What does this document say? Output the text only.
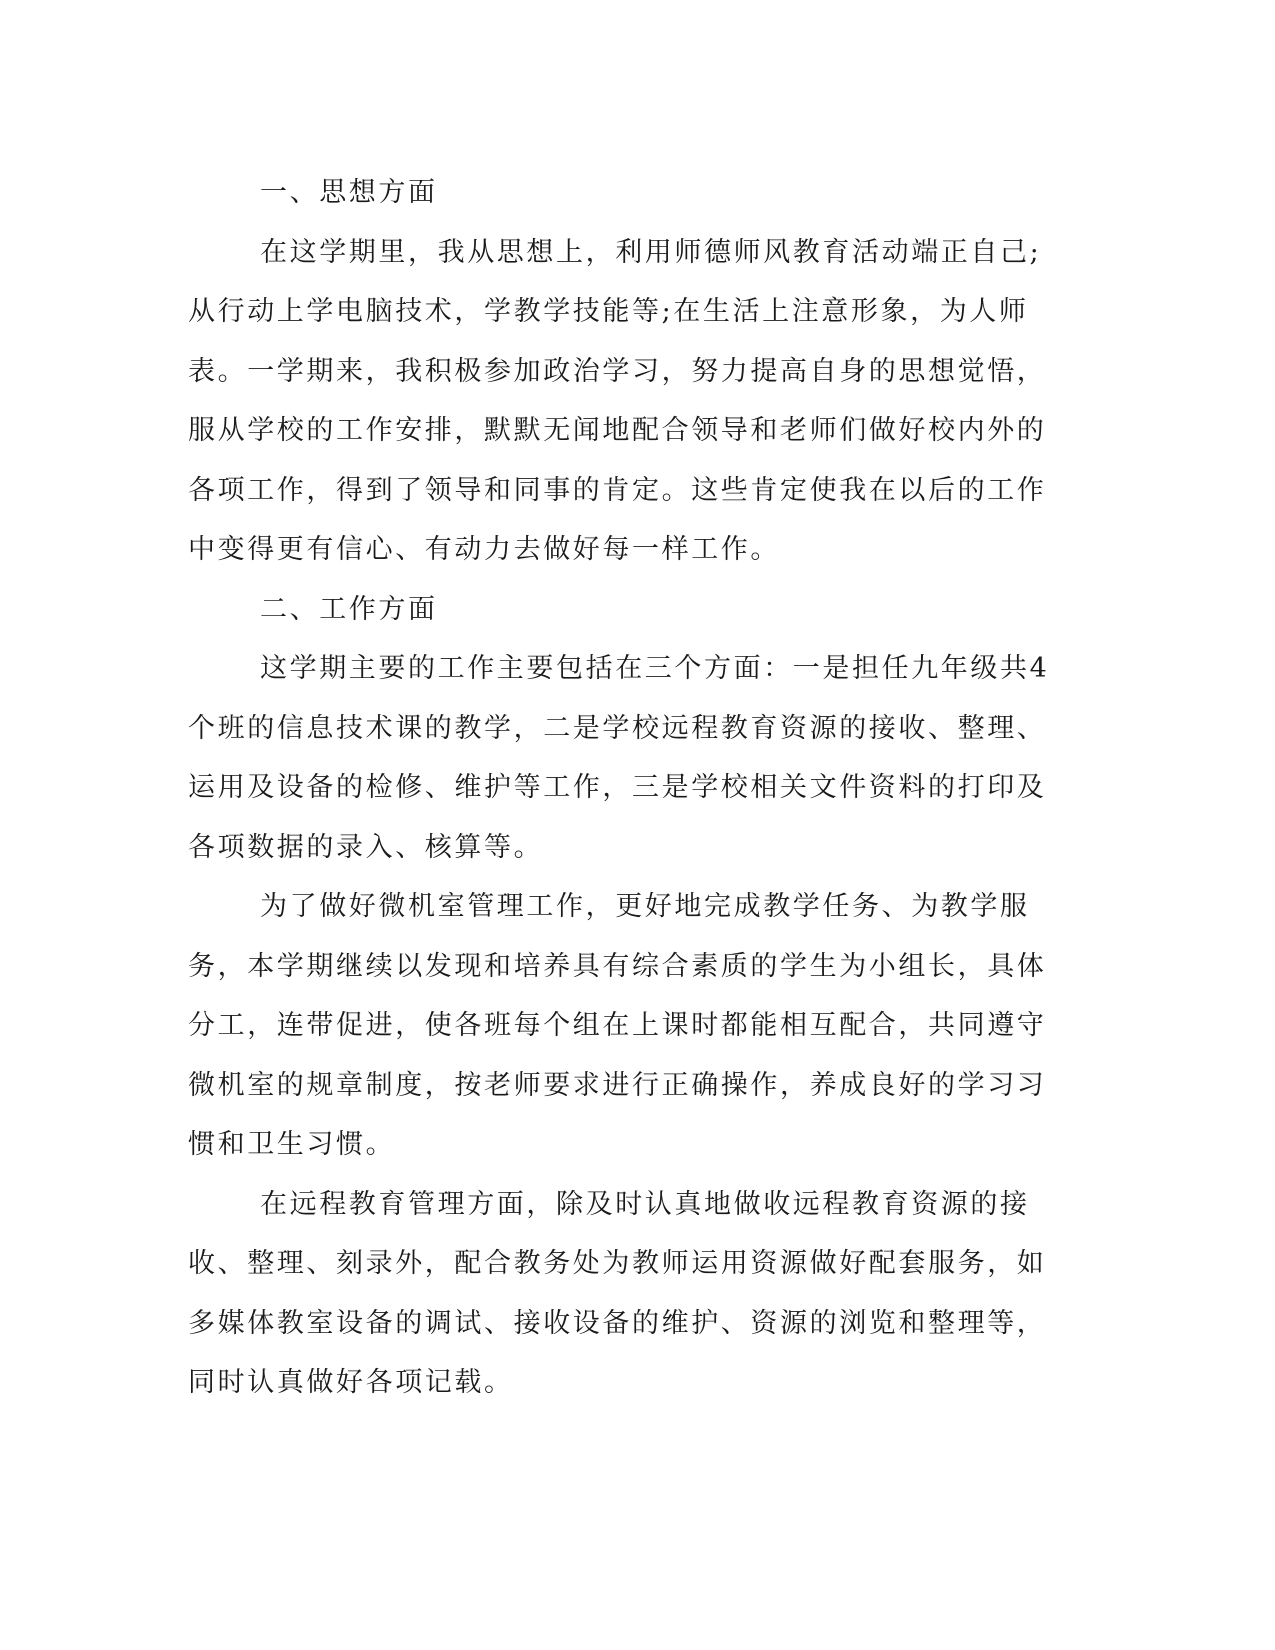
一、思想方面

在这学期里，我从思想上，利用师德师风教育活动端正自己;从行动上学电脑技术，学教学技能等;在生活上注意形象，为人师表。一学期来，我积极参加政治学习，努力提高自身的思想觉悟，服从学校的工作安排，默默无闻地配合领导和老师们做好校内外的各项工作，得到了领导和同事的肯定。这些肯定使我在以后的工作中变得更有信心、有动力去做好每一样工作。

二、工作方面

这学期主要的工作主要包括在三个方面：一是担任九年级共4个班的信息技术课的教学，二是学校远程教育资源的接收、整理、运用及设备的检修、维护等工作，三是学校相关文件资料的打印及各项数据的录入、核算等。

为了做好微机室管理工作，更好地完成教学任务、为教学服务，本学期继续以发现和培养具有综合素质的学生为小组长，具体分工，连带促进，使各班每个组在上课时都能相互配合，共同遵守微机室的规章制度，按老师要求进行正确操作，养成良好的学习习惯和卫生习惯。

在远程教育管理方面，除及时认真地做收远程教育资源的接收、整理、刻录外，配合教务处为教师运用资源做好配套服务，如多媒体教室设备的调试、接收设备的维护、资源的浏览和整理等，同时认真做好各项记载。
